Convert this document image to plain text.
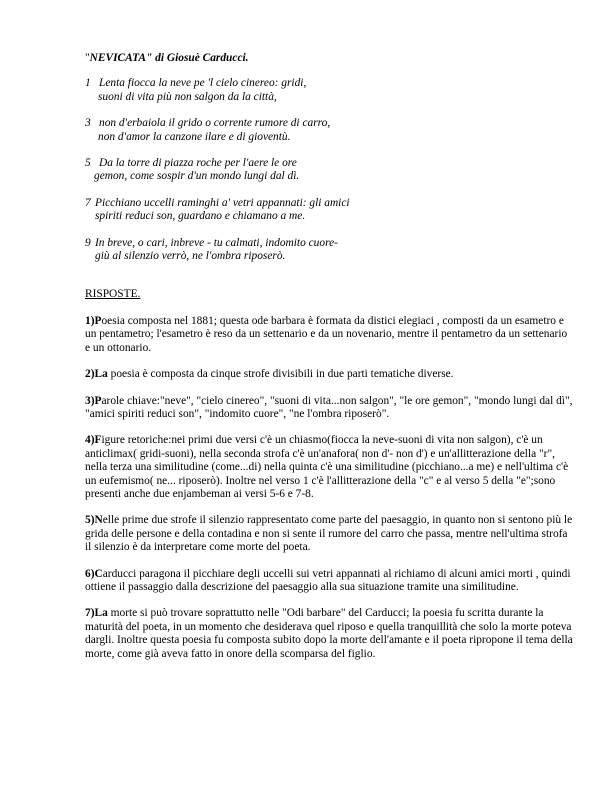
"NEVICATA" di Giosuè Carducci.
1 Lenta fiocca la neve pe 'l cielo cinereo: gridi,
suoni di vita più non salgon da la città,
3 non d'erbaiola il grido o corrente rumore di carro,
non d'amor la canzone ilare e di gioventù.
5 Da la torre di piazza roche per l'aere le ore
gemon, come sospir d'un mondo lungi dal dì.
7 Picchiano uccelli raminghi a' vetri appannati: gli amici
spiriti reduci son, guardano e chiamano a me.
9 In breve, o cari, inbreve - tu calmati, indomito cuore-
giù al silenzio verrò, ne l'ombra riposerò.
RISPOSTE.
1)Poesia composta nel 1881; questa ode barbara è formata da distici elegiaci , composti da un esametro e un pentametro; l'esametro è reso da un settenario e da un novenario, mentre il pentametro da un settenario e un ottonario.
2)La poesia è composta da cinque strofe divisibili in due parti tematiche diverse.
3)Parole chiave:"neve", "cielo cinereo", "suoni di vita...non salgon", "le ore gemon", "mondo lungi dal dì", "amici spiriti reduci son", "indomito cuore", "ne l'ombra riposerò".
4)Figure retoriche:nei primi due versi c'è un chiasmo(fiocca la neve-suoni di vita non salgon), c'è un anticlimax( gridi-suoni), nella seconda strofa c'è un'anafora( non d'- non d') e un'allitterazione della "r", nella terza una similitudine (come...di) nella quinta c'è una similitudine (picchiano...a me) e nell'ultima c'è un eufemismo( ne... riposerò). Inoltre nel verso 1 c'è l'allitterazione della "c" e al verso 5 della "e";sono presenti anche due enjambeman ai versi 5-6 e 7-8.
5)Nelle prime due strofe il silenzio rappresentato come parte del paesaggio, in quanto non si sentono più le grida delle persone e della contadina e non si sente il rumore del carro che passa, mentre nell'ultima strofa il silenzio è da interpretare come morte del poeta.
6)Carducci paragona il picchiare degli uccelli sui vetri appannati al richiamo di alcuni amici morti , quindi ottiene il passaggio dalla descrizione del paesaggio alla sua situazione tramite una similitudine.
7)La morte si può trovare soprattutto nelle "Odi barbare" del Carducci; la poesia fu scritta durante la maturità del poeta, in un momento che desiderava quel riposo e quella tranquillità che solo la morte poteva dargli. Inoltre questa poesia fu composta subito dopo la morte dell'amante e il poeta ripropone il tema della morte, come già aveva fatto in onore della scomparsa del figlio.
